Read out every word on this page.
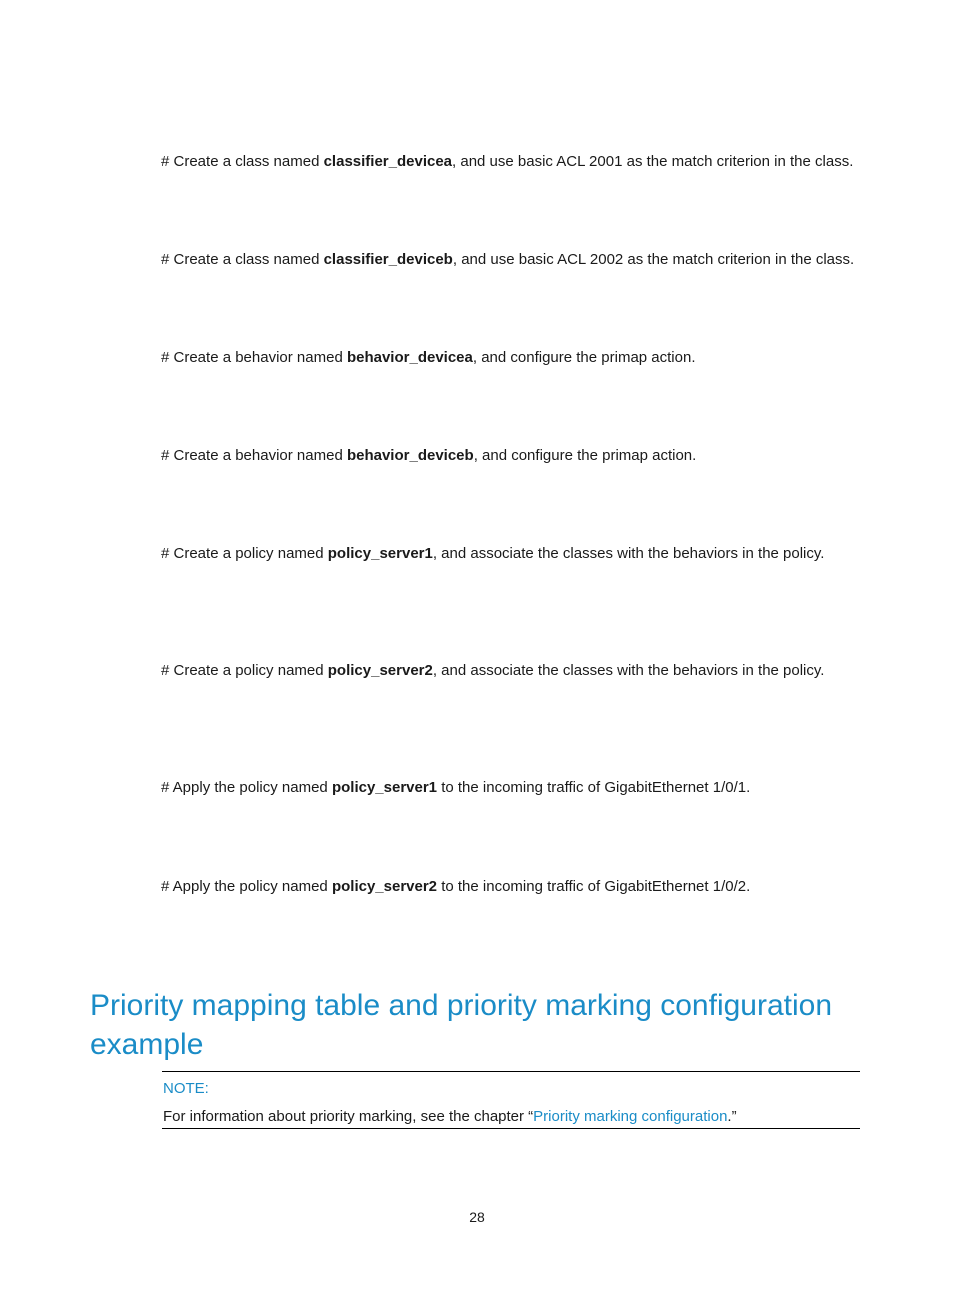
# Create a class named classifier_devicea, and use basic ACL 2001 as the match criterion in the class.
# Create a class named classifier_deviceb, and use basic ACL 2002 as the match criterion in the class.
# Create a behavior named behavior_devicea, and configure the primap action.
# Create a behavior named behavior_deviceb, and configure the primap action.
# Create a policy named policy_server1, and associate the classes with the behaviors in the policy.
# Create a policy named policy_server2, and associate the classes with the behaviors in the policy.
# Apply the policy named policy_server1 to the incoming traffic of GigabitEthernet 1/0/1.
# Apply the policy named policy_server2 to the incoming traffic of GigabitEthernet 1/0/2.
Priority mapping table and priority marking configuration example
NOTE:
For information about priority marking, see the chapter “Priority marking configuration.”
28
